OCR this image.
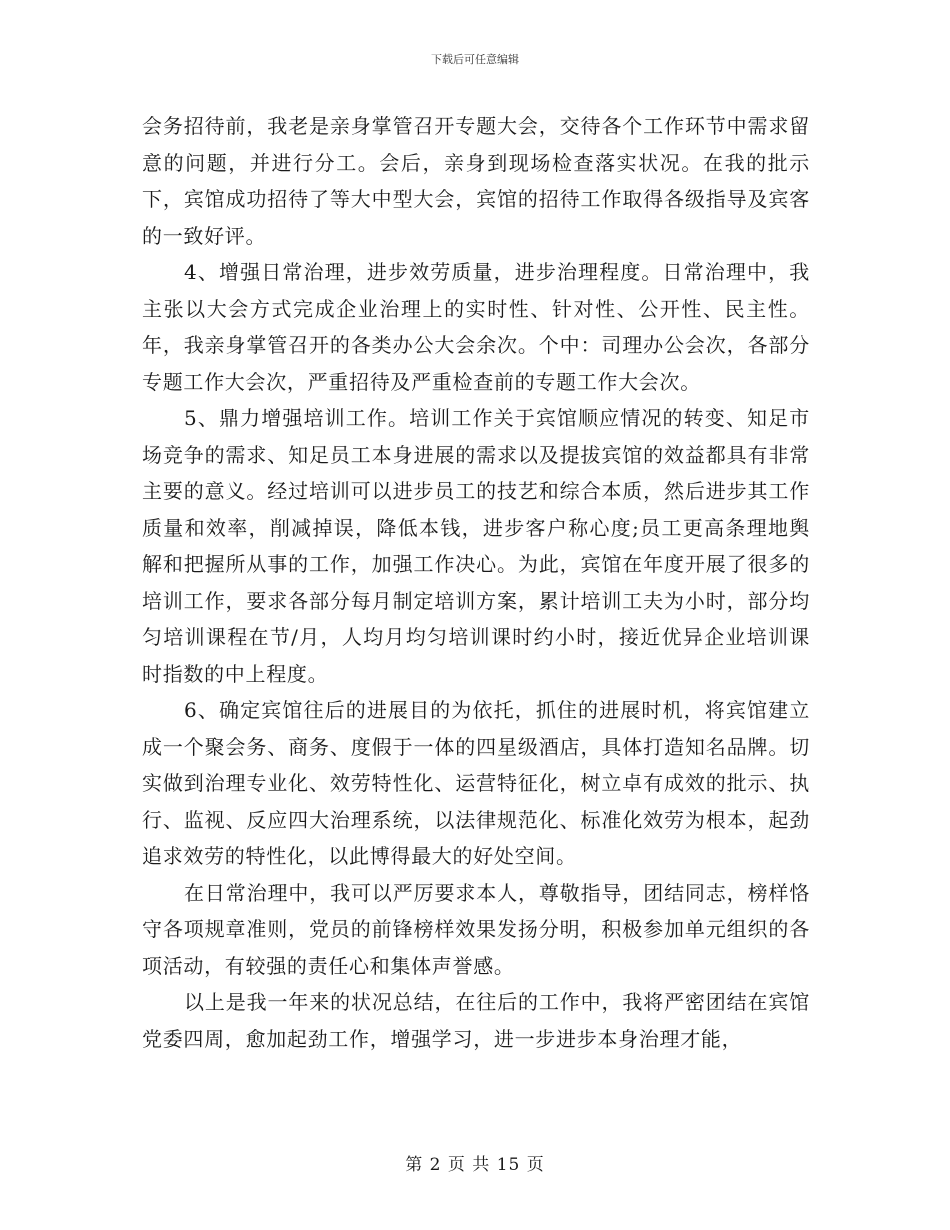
下载后可任意编辑

会务招待前，我老是亲身掌管召开专题大会，交待各个工作环节中需求留意的问题，并进行分工。会后，亲身到现场检查落实状况。在我的批示下，宾馆成功招待了等大中型大会，宾馆的招待工作取得各级指导及宾客的一致好评。

4、增强日常治理，进步效劳质量，进步治理程度。日常治理中，我主张以大会方式完成企业治理上的实时性、针对性、公开性、民主性。年，我亲身掌管召开的各类办公大会余次。个中：司理办公会次，各部分专题工作大会次，严重招待及严重检查前的专题工作大会次。

5、鼎力增强培训工作。培训工作关于宾馆顺应情况的转变、知足市场竞争的需求、知足员工本身进展的需求以及提拔宾馆的效益都具有非常主要的意义。经过培训可以进步员工的技艺和综合本质，然后进步其工作质量和效率，削减掉误，降低本钱，进步客户称心度;员工更高条理地舆解和把握所从事的工作，加强工作决心。为此，宾馆在年度开展了很多的培训工作，要求各部分每月制定培训方案，累计培训工夫为小时，部分均匀培训课程在节/月，人均月均匀培训课时约小时，接近优异企业培训课时指数的中上程度。

6、确定宾馆往后的进展目的为依托，抓住的进展时机，将宾馆建立成一个聚会务、商务、度假于一体的四星级酒店，具体打造知名品牌。切实做到治理专业化、效劳特性化、运营特征化，树立卓有成效的批示、执行、监视、反应四大治理系统，以法律规范化、标准化效劳为根本，起劲追求效劳的特性化，以此博得最大的好处空间。

在日常治理中，我可以严厉要求本人，尊敬指导，团结同志，榜样恪守各项规章准则，党员的前锋榜样效果发扬分明，积极参加单元组织的各项活动，有较强的责任心和集体声誉感。

以上是我一年来的状况总结，在往后的工作中，我将严密团结在宾馆党委四周，愈加起劲工作，增强学习，进一步进步本身治理才能，

第 2 页 共 15 页
